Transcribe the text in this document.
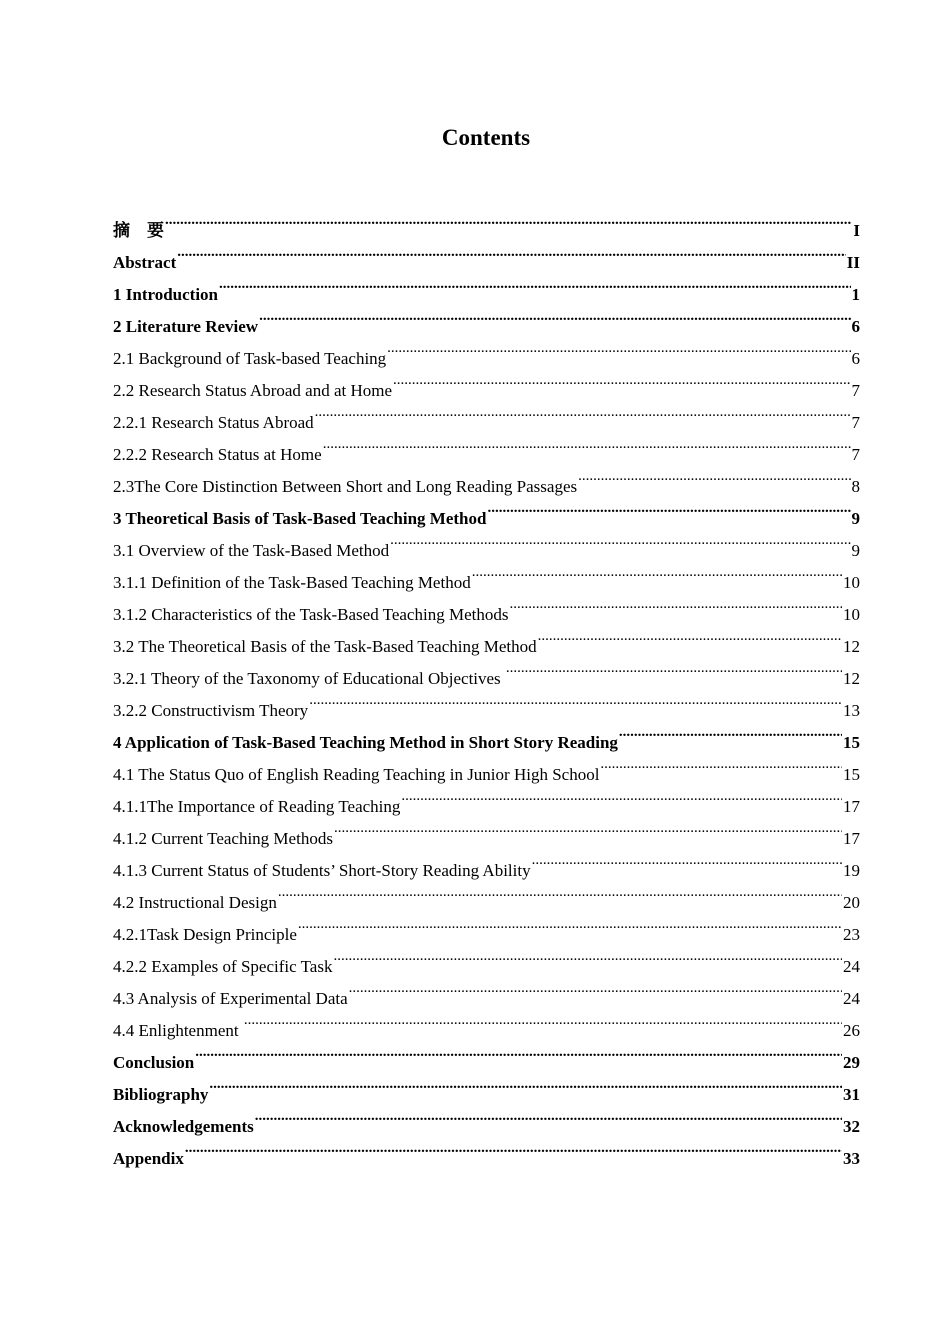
Contents
摘　要 .....	I
Abstract .....	II
1 Introduction .....	1
2 Literature Review .....	6
2.1 Background of Task-based Teaching .....	6
2.2 Research Status Abroad and at Home .....	7
2.2.1 Research Status Abroad .....	7
2.2.2 Research Status at Home .....	7
2.3The Core Distinction Between Short and Long Reading Passages .....	8
3 Theoretical Basis of Task-Based Teaching Method .....	9
3.1 Overview of the Task-Based Method .....	9
3.1.1 Definition of the Task-Based Teaching Method .....	10
3.1.2 Characteristics of the Task-Based Teaching Methods .....	10
3.2 The Theoretical Basis of the Task-Based Teaching Method .....	12
3.2.1 Theory of the Taxonomy of Educational Objectives .....	12
3.2.2 Constructivism Theory .....	13
4 Application of Task-Based Teaching Method in Short Story Reading .....	15
4.1 The Status Quo of English Reading Teaching in Junior High School .....	15
4.1.1The Importance of Reading Teaching .....	17
4.1.2 Current Teaching Methods .....	17
4.1.3 Current Status of Students’ Short-Story Reading Ability .....	19
4.2 Instructional Design .....	20
4.2.1Task Design Principle .....	23
4.2.2 Examples of Specific Task .....	24
4.3 Analysis of Experimental Data .....	24
4.4 Enlightenment .....	26
Conclusion .....	29
Bibliography .....	31
Acknowledgements .....	32
Appendix .....	33
